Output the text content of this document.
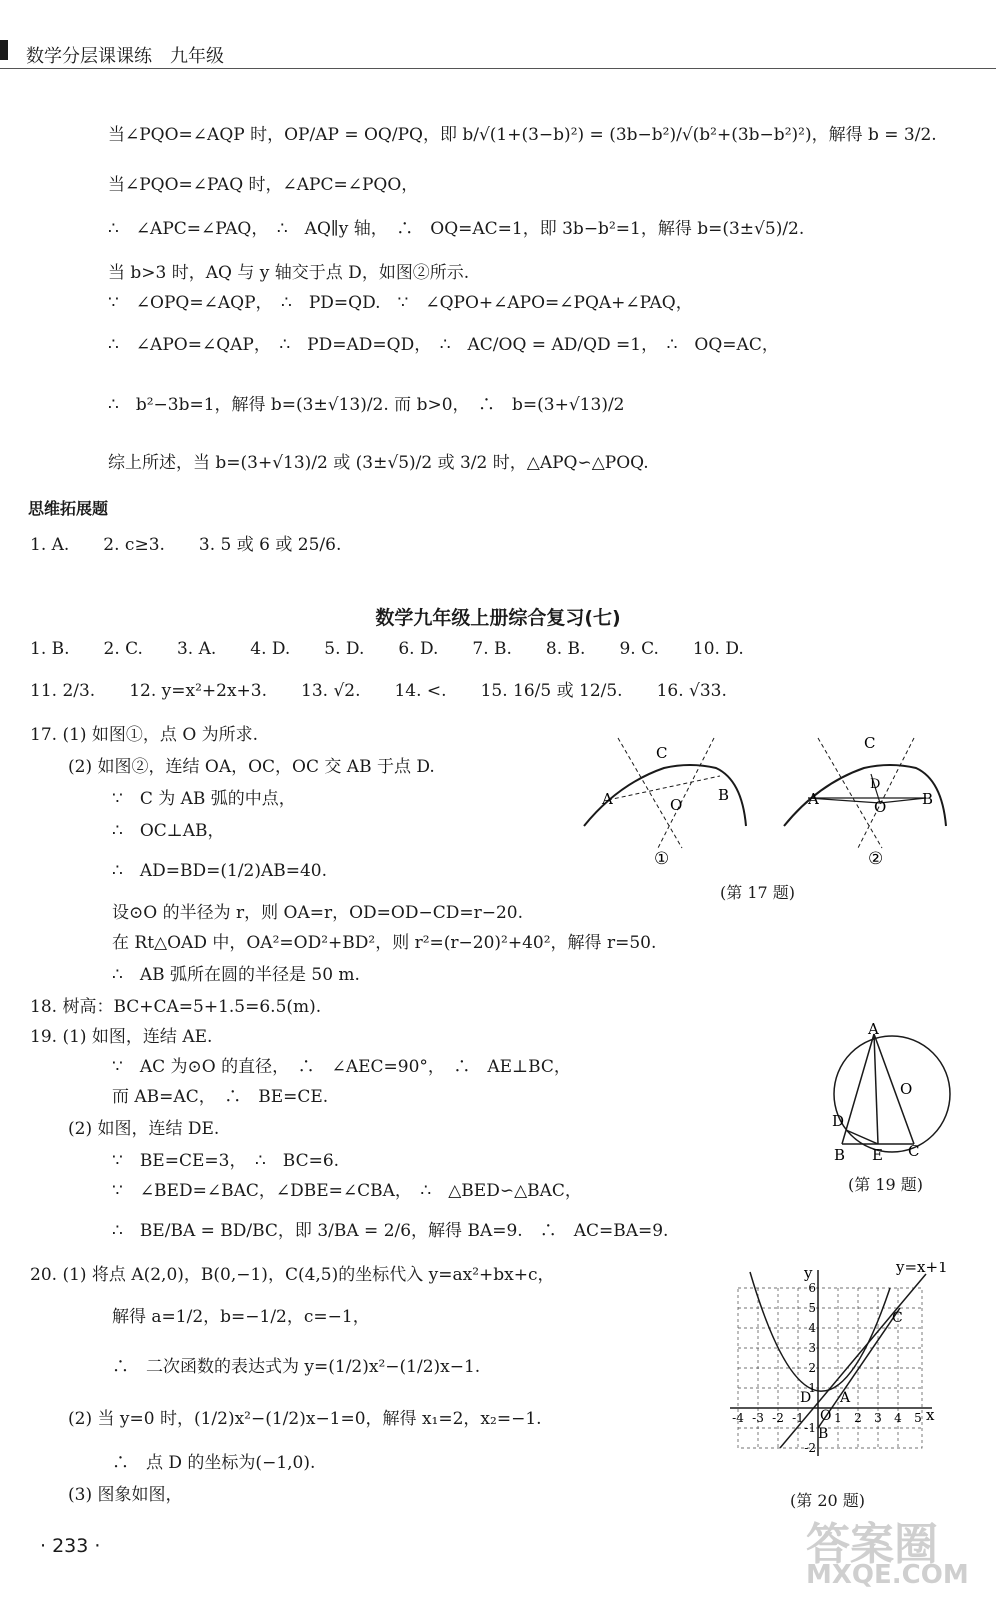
数学分层课课练　九年级
当∠PQO=∠AQP 时，OP/AP = OQ/PQ，即 b/√(1+(3−b)²) = (3b−b²)/√(b²+(3b−b²)²)，解得 b = 3/2.
当∠PQO=∠PAQ 时，∠APC=∠PQO，
∴　∠APC=∠PAQ，　∴　AQ∥y 轴，　∴　OQ=AC=1，即 3b−b²=1，解得 b=(3±√5)/2.
当 b>3 时，AQ 与 y 轴交于点 D，如图②所示.
∵　∠OPQ=∠AQP，　∴　PD=QD.　∵　∠QPO+∠APO=∠PQA+∠PAQ，
∴　∠APO=∠QAP，　∴　PD=AD=QD，　∴　AC/OQ = AD/QD =1，　∴　OQ=AC，
∴　b²−3b=1，解得 b=(3±√13)/2. 而 b>0，　∴　b=(3+√13)/2
综上所述，当 b=(3+√13)/2 或 (3±√5)/2 或 3/2 时，△APQ∽△POQ.
思维拓展题
1. A.　　2. c≥3.　　3. 5 或 6 或 25/6.
数学九年级上册综合复习(七)
1. B.　　2. C.　　3. A.　　4. D.　　5. D.　　6. D.　　7. B.　　8. B.　　9. C.　　10. D.
11. 2/3.　　12. y=x²+2x+3.　　13. √2.　　14. <.　　15. 16/5 或 12/5.　　16. √33.
17. (1) 如图①，点 O 为所求.
(2) 如图②，连结 OA，OC，OC 交 AB 于点 D.
∵　C 为 AB 弧的中点，
∴　OC⊥AB，
∴　AD=BD=(1/2)AB=40.
设⊙O 的半径为 r，则 OA=r，OD=OD−CD=r−20.
在 Rt△OAD 中，OA²=OD²+BD²，则 r²=(r−20)²+40²，解得 r=50.
∴　AB 弧所在圆的半径是 50 m.
18. 树高：BC+CA=5+1.5=6.5(m).
19. (1) 如图，连结 AE.
∵　AC 为⊙O 的直径，　∴　∠AEC=90°，　∴　AE⊥BC，
而 AB=AC，　∴　BE=CE.
(2) 如图，连结 DE.
∵　BE=CE=3，　∴　BC=6.
∵　∠BED=∠BAC，∠DBE=∠CBA，　∴　△BED∽△BAC，
∴　BE/BA = BD/BC，即 3/BA = 2/6，解得 BA=9.　∴　AC=BA=9.
20. (1) 将点 A(2,0)，B(0,−1)，C(4,5)的坐标代入 y=ax²+bx+c，
解得 a=1/2，b=−1/2，c=−1，
∴　二次函数的表达式为 y=(1/2)x²−(1/2)x−1.
(2) 当 y=0 时，(1/2)x²−(1/2)x−1=0，解得 x₁=2，x₂=−1.
∴　点 D 的坐标为(−1,0).
(3) 图象如图，
A	B
C
O	A	B
C
D
O
①	②
(第 17 题)
A
B	C
D
E
O
(第 19 题)
y
x
y=x+1
A
B
C
D
O
6
5
4
3
2
1
-1
-2
-4 -3 -2 -1	1 2 3 4 5
(第 20 题)
· 233 ·	答案圈
MXQE.COM
